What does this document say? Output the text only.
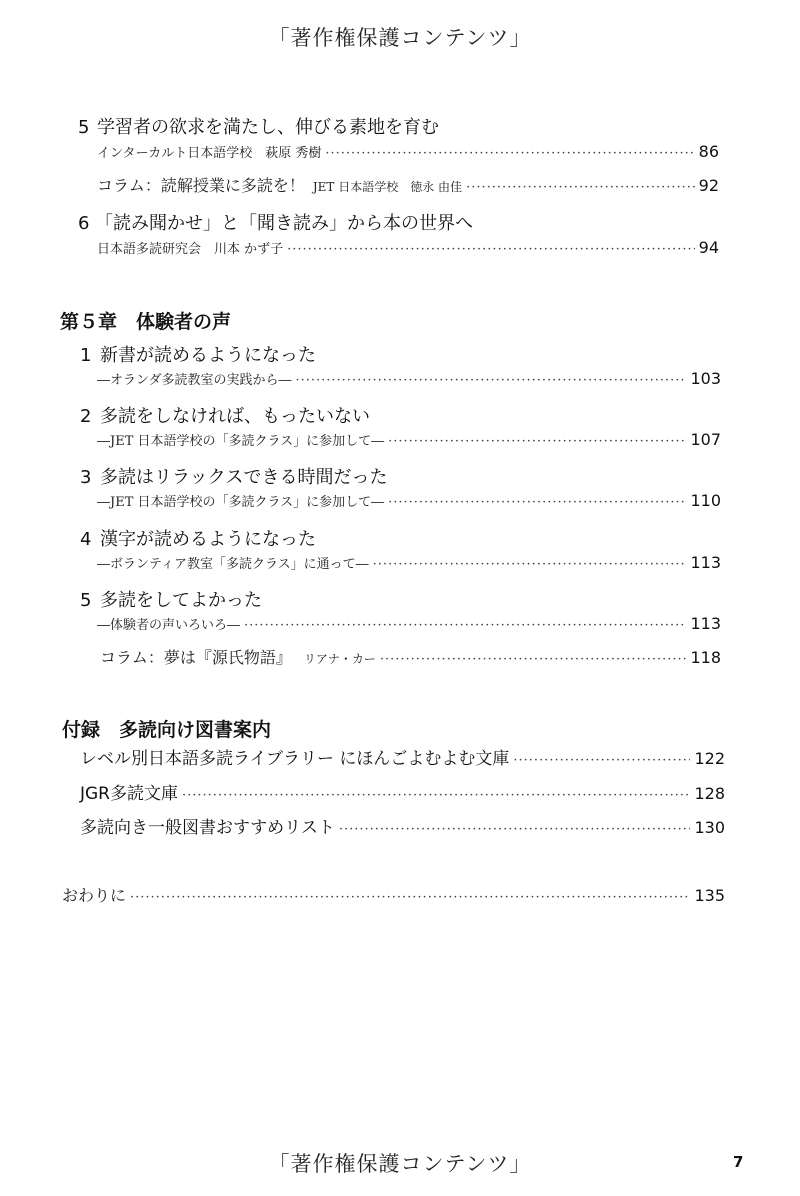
「著作権保護コンテンツ」
5 学習者の欲求を満たし、伸びる素地を育む
インターカルト日本語学校　萩原 秀樹 ·····	86
コラム：読解授業に多読を！ JET 日本語学校　徳永 由佳 ·····	92
6 「読み聞かせ」と「聞き読み」から本の世界へ
日本語多読研究会　川本 かず子 ·····	94
第５章　体験者の声
1 新書が読めるようになった
―オランダ多読教室の実践から― ·····	103
2 多読をしなければ、もったいない
―JET 日本語学校の「多読クラス」に参加して― ·····	107
3 多読はリラックスできる時間だった
―JET 日本語学校の「多読クラス」に参加して― ·····	110
4 漢字が読めるようになった
―ボランティア教室「多読クラス」に通って― ·····	113
5 多読をしてよかった
―体験者の声いろいろ― ·····	113
コラム：夢は『源氏物語』 リアナ・カー ·····	118
付録　多読向け図書案内
レベル別日本語多読ライブラリー にほんごよむよむ文庫 ·····	122
JGR多読文庫 ·····	128
多読向き一般図書おすすめリスト ·····	130
おわりに ·····	135
「著作権保護コンテンツ」	7
